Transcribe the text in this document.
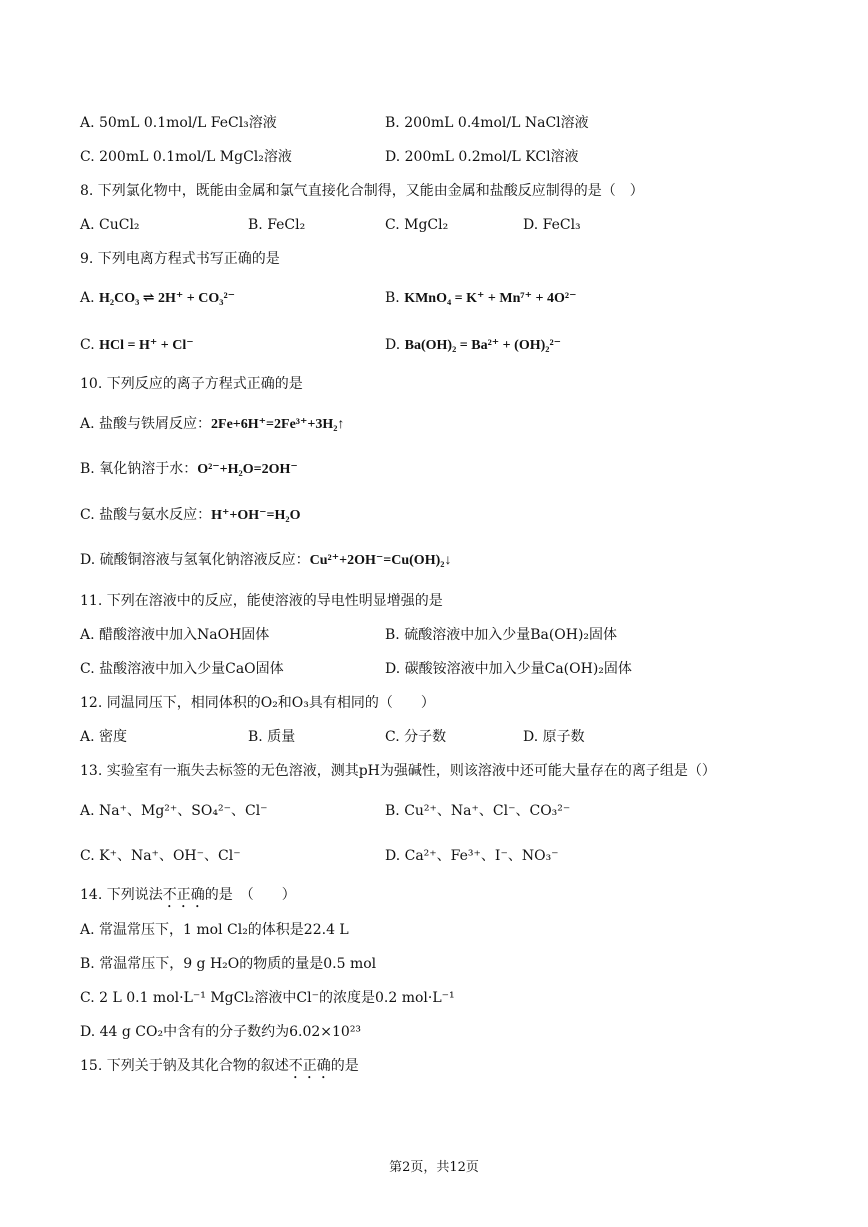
A. 50mL 0.1mol/L FeCl₃溶液	B. 200mL 0.4mol/L NaCl溶液
C. 200mL 0.1mol/L MgCl₂溶液	D. 200mL 0.2mol/L KCl溶液
8. 下列氯化物中，既能由金属和氯气直接化合制得，又能由金属和盐酸反应制得的是（　）
A. CuCl₂	B. FeCl₂	C. MgCl₂	D. FeCl₃
9. 下列电离方程式书写正确的是
A. H₂CO₃ ⇌ 2H⁺ + CO₃²⁻	B. KMnO₄ = K⁺ + Mn⁷⁺ + 4O²⁻
C. HCl = H⁺ + Cl⁻	D. Ba(OH)₂ = Ba²⁺ + (OH)₂²⁻
10. 下列反应的离子方程式正确的是
A. 盐酸与铁屑反应：2Fe+6H⁺=2Fe³⁺+3H₂↑
B. 氧化钠溶于水：O²⁻+H₂O=2OH⁻
C. 盐酸与氨水反应：H⁺+OH⁻=H₂O
D. 硫酸铜溶液与氢氧化钠溶液反应：Cu²⁺+2OH⁻=Cu(OH)₂↓
11. 下列在溶液中的反应，能使溶液的导电性明显增强的是
A. 醋酸溶液中加入NaOH固体	B. 硫酸溶液中加入少量Ba(OH)₂固体
C. 盐酸溶液中加入少量CaO固体	D. 碳酸铵溶液中加入少量Ca(OH)₂固体
12. 同温同压下，相同体积的O₂和O₃具有相同的（　　）
A. 密度	B. 质量	C. 分子数	D. 原子数
13. 实验室有一瓶失去标签的无色溶液，测其pH为强碱性，则该溶液中还可能大量存在的离子组是（）
A. Na⁺、Mg²⁺、SO₄²⁻、Cl⁻	B. Cu²⁺、Na⁺、Cl⁻、CO₃²⁻
C. K⁺、Na⁺、OH⁻、Cl⁻	D. Ca²⁺、Fe³⁺、I⁻、NO₃⁻
14. 下列说法不正确的是　（　　）
A. 常温常压下，1 mol Cl₂的体积是22.4 L
B. 常温常压下，9 g H₂O的物质的量是0.5 mol
C. 2 L 0.1 mol·L⁻¹ MgCl₂溶液中Cl⁻的浓度是0.2 mol·L⁻¹
D. 44 g CO₂中含有的分子数约为6.02×10²³
15. 下列关于钠及其化合物的叙述不正确的是
第2页，共12页
